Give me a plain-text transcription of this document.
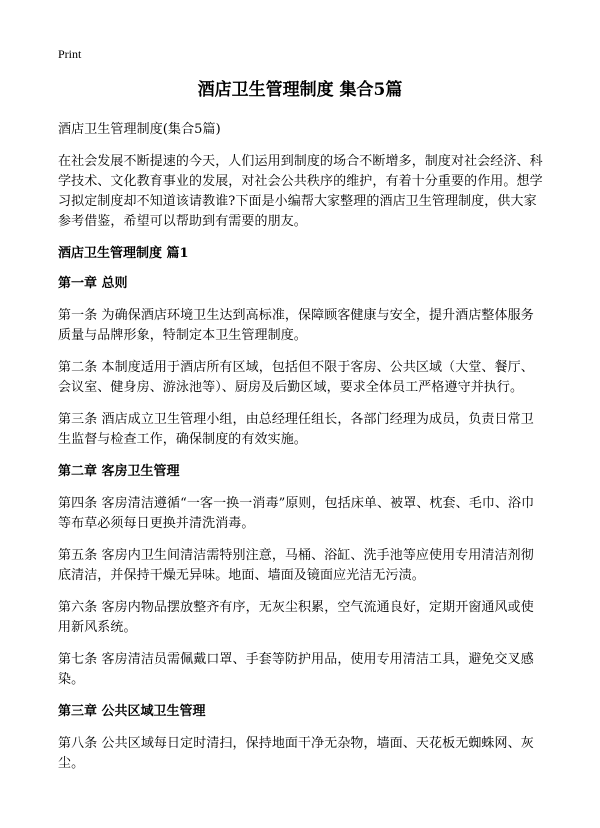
Print
酒店卫生管理制度 集合5篇

酒店卫生管理制度(集合5篇)

在社会发展不断提速的今天，人们运用到制度的场合不断增多，制度对社会经济、科学技术、文化教育事业的发展，对社会公共秩序的维护，有着十分重要的作用。想学习拟定制度却不知道该请教谁?下面是小编帮大家整理的酒店卫生管理制度，供大家参考借鉴，希望可以帮助到有需要的朋友。

酒店卫生管理制度 篇1

第一章 总则

第一条 为确保酒店环境卫生达到高标准，保障顾客健康与安全，提升酒店整体服务质量与品牌形象，特制定本卫生管理制度。

第二条 本制度适用于酒店所有区域，包括但不限于客房、公共区域（大堂、餐厅、会议室、健身房、游泳池等）、厨房及后勤区域，要求全体员工严格遵守并执行。

第三条 酒店成立卫生管理小组，由总经理任组长，各部门经理为成员，负责日常卫生监督与检查工作，确保制度的有效实施。

第二章 客房卫生管理

第四条 客房清洁遵循“一客一换一消毒”原则，包括床单、被罩、枕套、毛巾、浴巾等布草必须每日更换并清洗消毒。

第五条 客房内卫生间清洁需特别注意，马桶、浴缸、洗手池等应使用专用清洁剂彻底清洁，并保持干燥无异味。地面、墙面及镜面应光洁无污渍。

第六条 客房内物品摆放整齐有序，无灰尘积累，空气流通良好，定期开窗通风或使用新风系统。

第七条 客房清洁员需佩戴口罩、手套等防护用品，使用专用清洁工具，避免交叉感染。

第三章 公共区域卫生管理

第八条 公共区域每日定时清扫，保持地面干净无杂物，墙面、天花板无蜘蛛网、灰尘。
